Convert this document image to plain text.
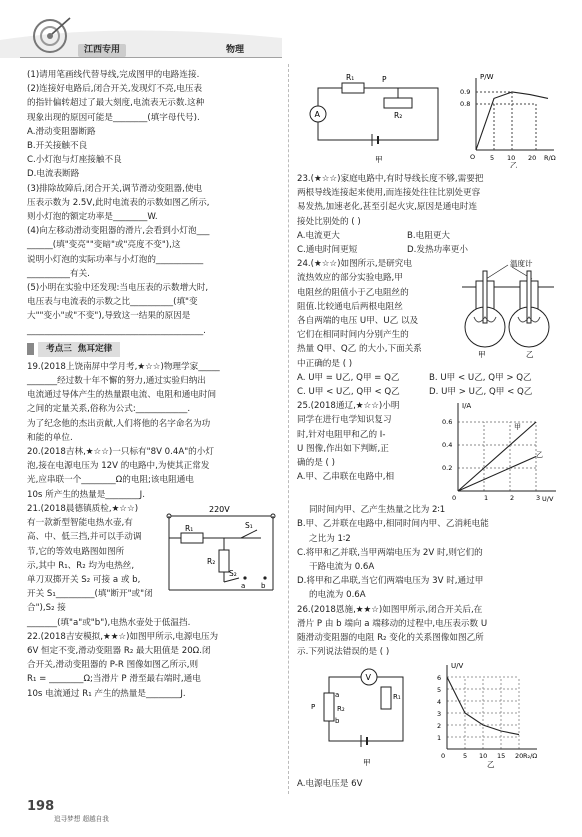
江西专用	物理

(1)请用笔画线代替导线,完成图甲的电路连接.

(2)连接好电路后,闭合开关,发现灯不亮,电压表

的指针偏转超过了最大刻度,电流表无示数.这种

现象出现的原因可能是________(填字母代号).

A.滑动变阻器断路

B.开关接触不良

C.小灯泡与灯座接触不良

D.电流表断路

(3)排除故障后,闭合开关,调节滑动变阻器,使电

压表示数为 2.5V,此时电流表的示数如图乙所示,

则小灯泡的额定功率是________W.

(4)向左移动滑动变阻器的滑片,会看到小灯泡___

______(填"变亮""变暗"或"亮度不变"),这

说明小灯泡的实际功率与小灯泡的___________

__________有关.

(5)小明在实验中还发现:当电压表的示数增大时,

电压表与电流表的示数之比__________(填"变

大""变小"或"不变"),导致这一结果的原因是

_________________________________________.

考点三 焦耳定律

19.(2018上饶南屏中学月考,★☆☆)物理学家_____

_______经过数十年不懈的努力,通过实验归纳出

电流通过导体产生的热量跟电流、电阻和通电时间

之间的定量关系,俗称为公式:____________.

为了纪念他的杰出贡献,人们将他的名字命名为功

和能的单位.

20.(2018吉林,★☆☆)一只标有"8V 0.4A"的小灯

泡,接在电源电压为 12V 的电路中,为使其正常发

光,应串联一个________Ω的电阻;该电阻通电

10s 所产生的热量是________J.

220V
R₁
R₂
S₁
S₂
a b

21.(2018晨德镇质检,★☆☆)

有一款新型智能电热水壶,有

高、中、低三挡,并可以手动调

节,它的等效电路图如图所

示,其中 R₁、R₂ 均为电热丝,

单刀双掷开关 S₂ 可接 a 或 b,

开关 S₁_________(填"断开"或"闭合"),S₂ 接

_______(填"a"或"b"),电热水壶处于低温挡.

22.(2018吉安模拟,★★☆)如图甲所示,电源电压为

6V 恒定不变,滑动变阻器 R₂ 最大阻值是 20Ω.闭

合开关,滑动变阻器的 P-R 图像如图乙所示,则

R₁ = ________Ω;当滑片 P 滑至最右端时,通电

10s 电流通过 R₁ 产生的热量是________J.

R₁
R₂
P
A
甲
P/W
R/Ω
0.9
0.8
O 5 10 20
乙

23.(★☆☆)家庭电路中,有时导线长度不够,需要把

两根导线连接起来使用,而连接处往往比别处更容

易发热,加速老化,甚至引起火灾,原因是通电时连

接处比别处的 ( )

A.电流更大	B.电阻更大

C.通电时间更短	D.发热功率更小

温度计
甲	乙

24.(★☆☆)如图所示,是研究电

流热效应的部分实验电路,甲

电阻丝的阻值小于乙电阻丝的

阻值.比较通电后两根电阻丝

各自两端的电压 U甲、U乙 以及

它们在相同时间内分别产生的

热量 Q甲、Q乙 的大小,下面关系

中正确的是 ( )

A. U甲 = U乙, Q甲 = Q乙	B. U甲 < U乙, Q甲 > Q乙

C. U甲 < U乙, Q甲 < Q乙	D. U甲 > U乙, Q甲 < Q乙

I/A
U/V
0.6
0.4
0.2
0	1	2	3
甲
乙

25.(2018通辽,★☆☆)小明

同学在进行电学知识复习

时,针对电阻甲和乙的 I-

U 图像,作出如下判断,正

确的是 ( )

A.甲、乙串联在电路中,相

同时间内甲、乙产生热量之比为 2∶1

B.甲、乙并联在电路中,相同时间内甲、乙消耗电能

之比为 1∶2

C.将甲和乙并联,当甲两端电压为 2V 时,则它们的

干路电流为 0.6A

D.将甲和乙串联,当它们两端电压为 3V 时,通过甲

的电流为 0.6A

26.(2018恩施,★★☆)如图甲所示,闭合开关后,在

滑片 P 由 b 端向 a 端移动的过程中,电压表示数 U

随滑动变阻器的电阻 R₂ 变化的关系图像如图乙所

示.下列说法错误的是 ( )

a
b
P	R₂
V
R₁
甲
U/V
R₂/Ω
6
5
4
3
2
1
0	5 10 15 20
乙

A.电源电压是 6V

198
追寻梦想 超越自我
